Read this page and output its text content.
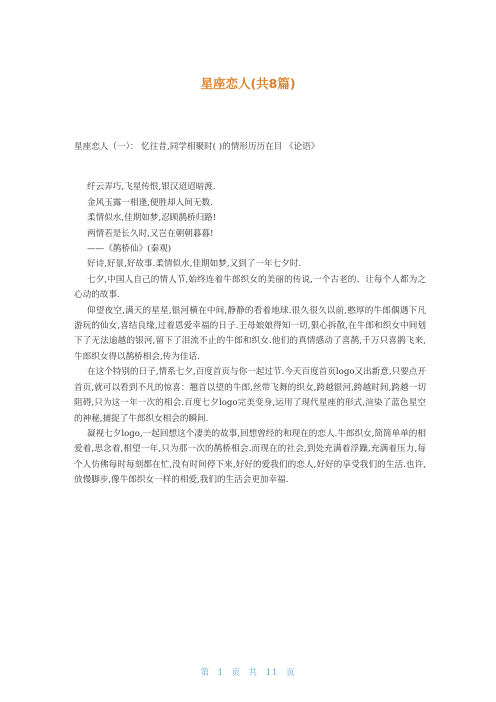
星座恋人(共8篇)

星座恋人（一）： 忆往昔,同学相聚时( )的情形历历在目 《论语》

纤云弄巧,飞星传恨,银汉迢迢暗渡.

金风玉露一相逢,便胜却人间无数.

柔情似水,佳期如梦,忍顾鹊桥归路!

两情若是长久时,又岂在朝朝暮暮!

——《鹊桥仙》(秦观)

好诗,好景,好故事.柔情似水,佳期如梦,又到了一年七夕时.

七夕,中国人自己的情人节,始终连着牛郎织女的美丽的传说,一个古老的、让每个人都为之心动的故事.

仰望夜空,满天的星星,银河横在中间,静静的看着地球.很久很久以前,憨厚的牛郎偶遇下凡游玩的仙女,喜结良缘,过着恩爱幸福的日子.王母娘娘得知一切,狠心拆散,在牛郎和织女中间划下了无法逾越的银河,留下了泪流不止的牛郎和织女.他们的真情感动了喜鹊,千万只喜鹊飞来,牛郎织女得以鹊桥相会,传为佳话.

在这个特别的日子,情系七夕,百度首页与你一起过节.今天百度首页logo又出新意,只要点开首页,就可以看到不凡的惊喜：翘首以望的牛郎,丝带飞舞的织女,跨越银河,跨越时间,跨越一切阻碍,只为这一年一次的相会.百度七夕logo完美变身,运用了现代星座的形式,渲染了蓝色星空的神秘,捕捉了牛郎织女相会的瞬间.

凝视七夕logo,一起回想这个凄美的故事,回想曾经的和现在的恋人.牛郎织女,简简单单的相爱着,思念着,相望一年,只为那一次的鹊桥相会.而现在的社会,到处充满着浮躁,充满着压力,每个人仿佛每时每刻都在忙,没有时间停下来,好好的爱我们的恋人,好好的享受我们的生活.也许,放慢脚步,像牛郎织女一样的相爱,我们的生活会更加幸福.

第 1 页 共 11 页
